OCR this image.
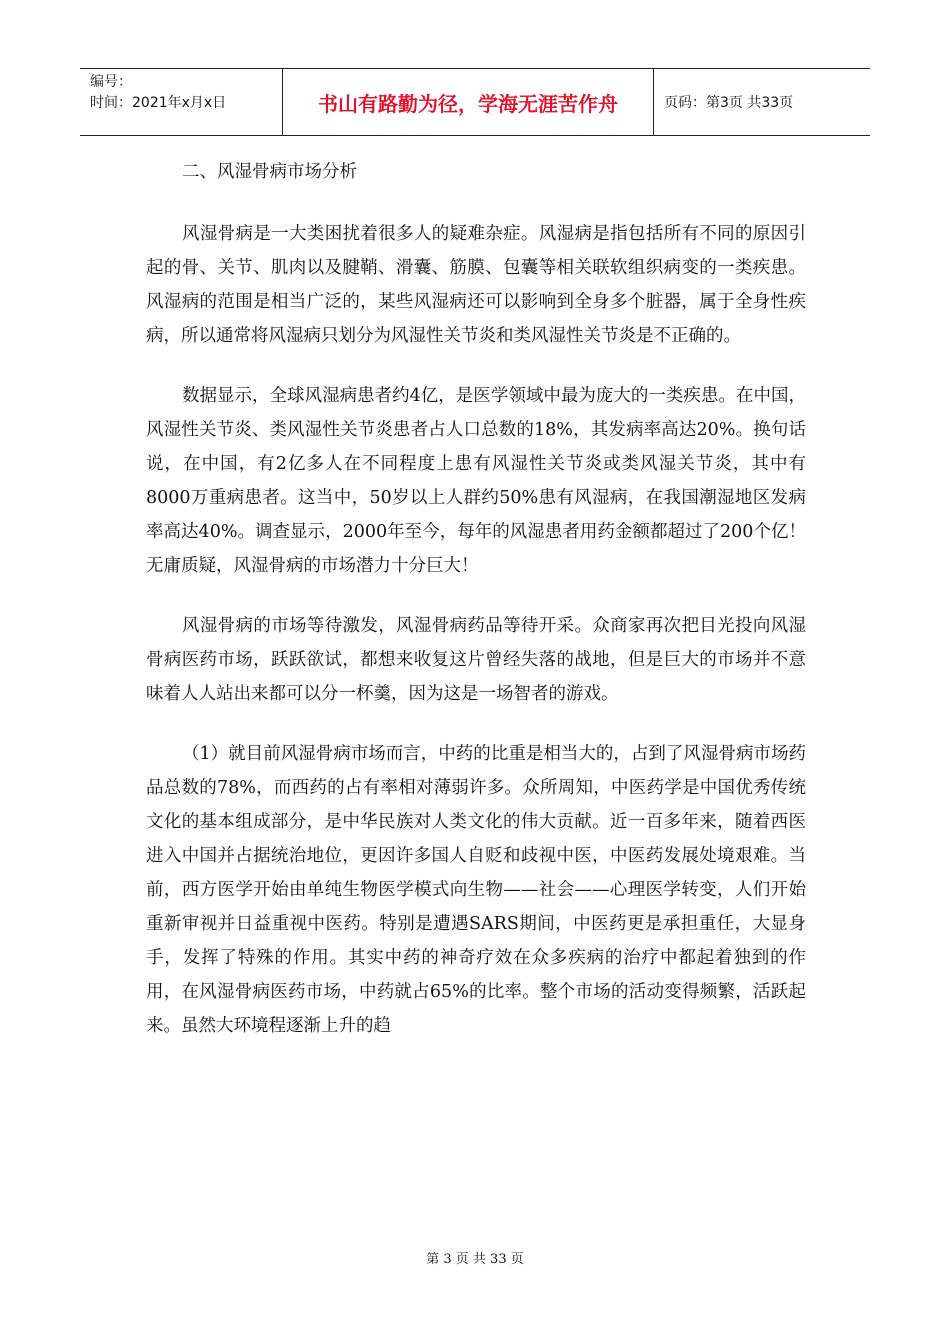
编号：
时间：2021年x月x日	书山有路勤为径，学海无涯苦作舟	页码：第3页 共33页
二、风湿骨病市场分析

风湿骨病是一大类困扰着很多人的疑难杂症。风湿病是指包括所有不同的原因引起的骨、关节、肌肉以及腱鞘、滑囊、筋膜、包囊等相关联软组织病变的一类疾患。风湿病的范围是相当广泛的，某些风湿病还可以影响到全身多个脏器，属于全身性疾病，所以通常将风湿病只划分为风湿性关节炎和类风湿性关节炎是不正确的。

数据显示，全球风湿病患者约4亿，是医学领域中最为庞大的一类疾患。在中国，风湿性关节炎、类风湿性关节炎患者占人口总数的18%，其发病率高达20%。换句话说，在中国，有2亿多人在不同程度上患有风湿性关节炎或类风湿关节炎，其中有8000万重病患者。这当中，50岁以上人群约50%患有风湿病，在我国潮湿地区发病率高达40%。调查显示，2000年至今，每年的风湿患者用药金额都超过了200个亿！无庸质疑，风湿骨病的市场潜力十分巨大！

风湿骨病的市场等待激发，风湿骨病药品等待开采。众商家再次把目光投向风湿骨病医药市场，跃跃欲试，都想来收复这片曾经失落的战地，但是巨大的市场并不意味着人人站出来都可以分一杯羹，因为这是一场智者的游戏。

（1）就目前风湿骨病市场而言，中药的比重是相当大的，占到了风湿骨病市场药品总数的78%，而西药的占有率相对薄弱许多。众所周知，中医药学是中国优秀传统文化的基本组成部分，是中华民族对人类文化的伟大贡献。近一百多年来，随着西医进入中国并占据统治地位，更因许多国人自贬和歧视中医，中医药发展处境艰难。当前，西方医学开始由单纯生物医学模式向生物——社会——心理医学转变，人们开始重新审视并日益重视中医药。特别是遭遇SARS期间，中医药更是承担重任，大显身手，发挥了特殊的作用。其实中药的神奇疗效在众多疾病的治疗中都起着独到的作用，在风湿骨病医药市场，中药就占65%的比率。整个市场的活动变得频繁，活跃起来。虽然大环境程逐渐上升的趋

第 3 页 共 33 页
